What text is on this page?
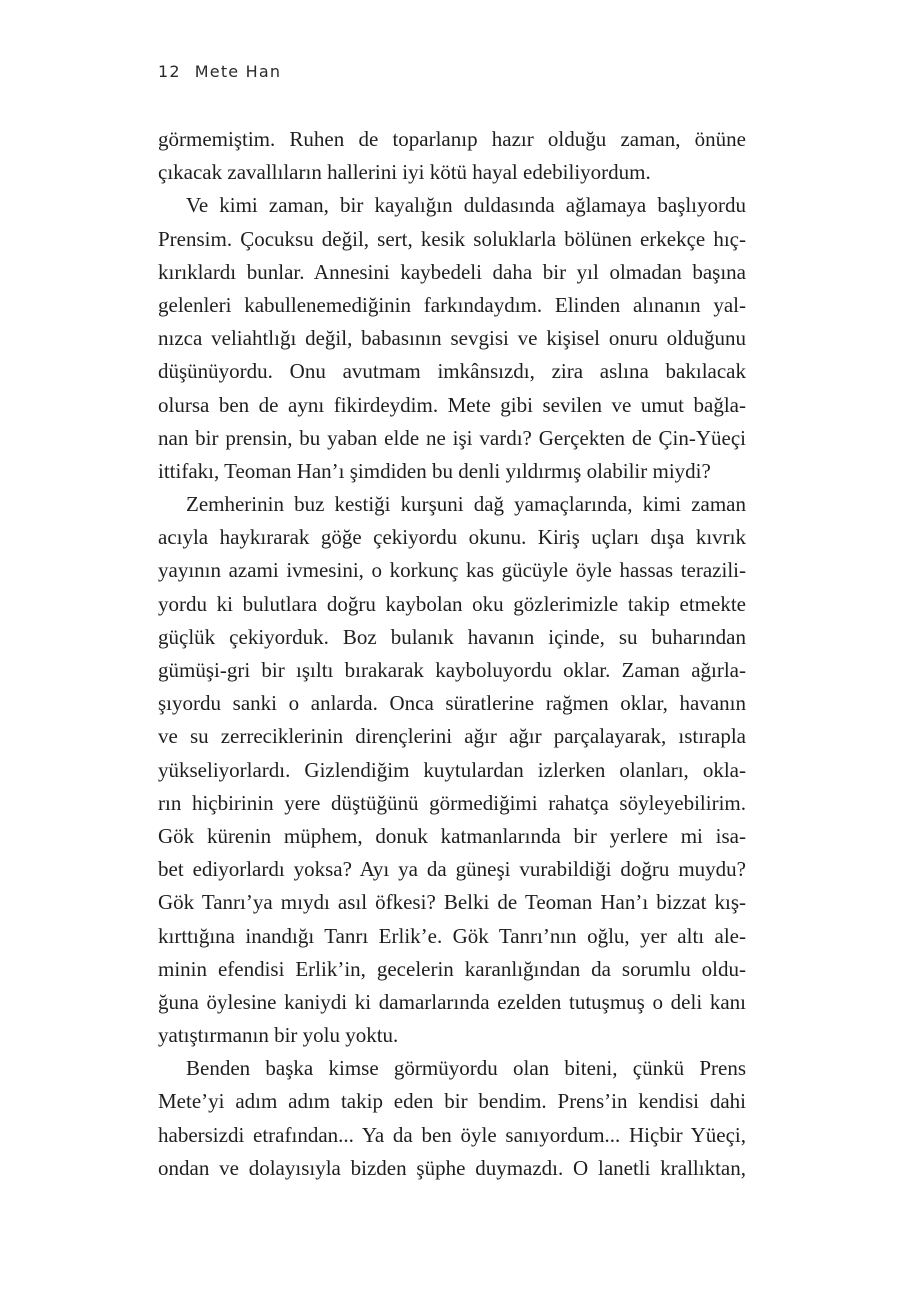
12 Mete Han
görmemiştim. Ruhen de toparlanıp hazır olduğu zaman, önüne
çıkacak zavallıların hallerini iyi kötü hayal edebiliyordum.
Ve kimi zaman, bir kayalığın duldasında ağlamaya başlıyordu
Prensim. Çocuksu değil, sert, kesik soluklarla bölünen erkekçe hıç-
kırıklardı bunlar. Annesini kaybedeli daha bir yıl olmadan başına
gelenleri kabullenemediğinin farkındaydım. Elinden alınanın yal-
nızca veliahtlığı değil, babasının sevgisi ve kişisel onuru olduğunu
düşünüyordu. Onu avutmam imkânsızdı, zira aslına bakılacak
olursa ben de aynı fikirdeydim. Mete gibi sevilen ve umut bağla-
nan bir prensin, bu yaban elde ne işi vardı? Gerçekten de Çin-Yüeçi
ittifakı, Teoman Han’ı şimdiden bu denli yıldırmış olabilir miydi?
Zemherinin buz kestiği kurşuni dağ yamaçlarında, kimi zaman
acıyla haykırarak göğe çekiyordu okunu. Kiriş uçları dışa kıvrık
yayının azami ivmesini, o korkunç kas gücüyle öyle hassas terazili-
yordu ki bulutlara doğru kaybolan oku gözlerimizle takip etmekte
güçlük çekiyorduk. Boz bulanık havanın içinde, su buharından
gümüşi-gri bir ışıltı bırakarak kayboluyordu oklar. Zaman ağırla-
şıyordu sanki o anlarda. Onca süratlerine rağmen oklar, havanın
ve su zerreciklerinin dirençlerini ağır ağır parçalayarak, ıstırapla
yükseliyorlardı. Gizlendiğim kuytulardan izlerken olanları, okla-
rın hiçbirinin yere düştüğünü görmediğimi rahatça söyleyebilirim.
Gök kürenin müphem, donuk katmanlarında bir yerlere mi isa-
bet ediyorlardı yoksa? Ayı ya da güneşi vurabildiği doğru muydu?
Gök Tanrı’ya mıydı asıl öfkesi? Belki de Teoman Han’ı bizzat kış-
kırttığına inandığı Tanrı Erlik’e. Gök Tanrı’nın oğlu, yer altı ale-
minin efendisi Erlik’in, gecelerin karanlığından da sorumlu oldu-
ğuna öylesine kaniydi ki damarlarında ezelden tutuşmuş o deli kanı
yatıştırmanın bir yolu yoktu.
Benden başka kimse görmüyordu olan biteni, çünkü Prens
Mete’yi adım adım takip eden bir bendim. Prens’in kendisi dahi
habersizdi etrafından... Ya da ben öyle sanıyordum... Hiçbir Yüeçi,
ondan ve dolayısıyla bizden şüphe duymazdı. O lanetli krallıktan,
